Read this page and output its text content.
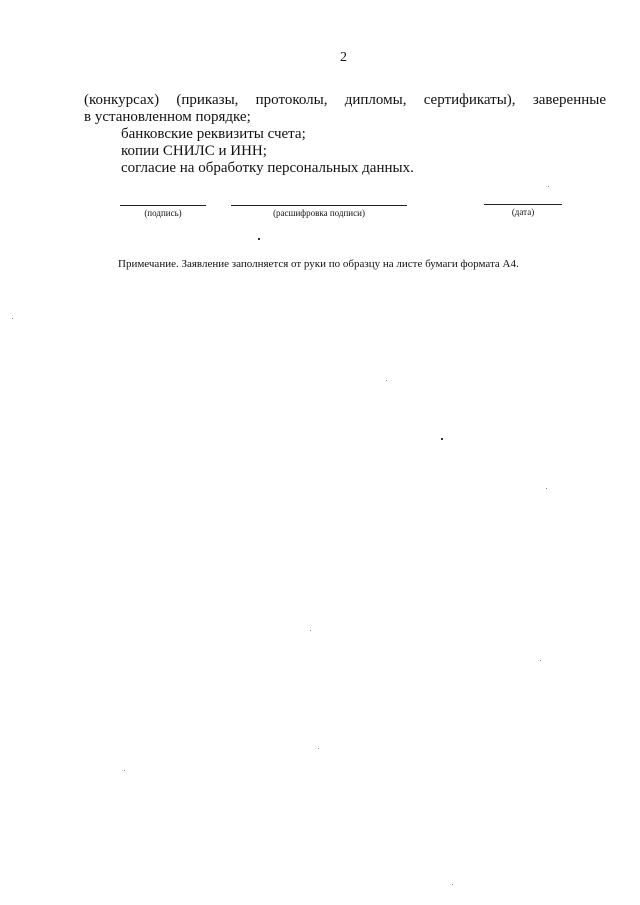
2
(конкурсах) (приказы, протоколы, дипломы, сертификаты), заверенные
в установленном порядке;
банковские реквизиты счета;
копии СНИЛС и ИНН;
согласие на обработку персональных данных.
(подпись)	(расшифровка подписи)	(дата)
Примечание. Заявление заполняется от руки по образцу на листе бумаги формата А4.
